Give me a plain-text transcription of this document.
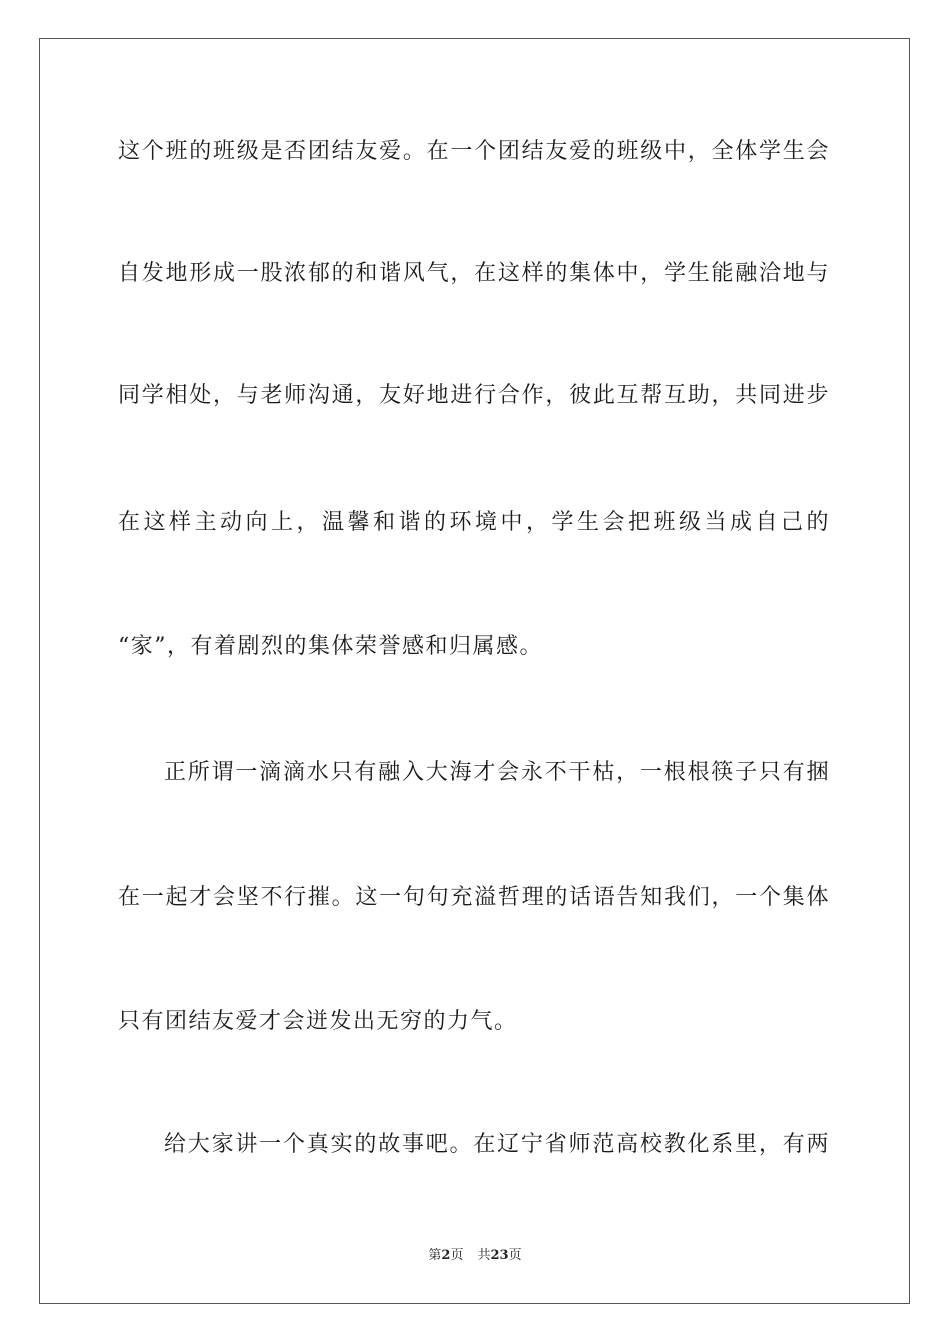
这个班的班级是否团结友爱。在一个团结友爱的班级中，全体学生会
自发地形成一股浓郁的和谐风气，在这样的集体中，学生能融洽地与
同学相处，与老师沟通，友好地进行合作，彼此互帮互助，共同进步
在这样主动向上，温馨和谐的环境中，学生会把班级当成自己的
“家”，有着剧烈的集体荣誉感和归属感。
正所谓一滴滴水只有融入大海才会永不干枯，一根根筷子只有捆
在一起才会坚不行摧。这一句句充溢哲理的话语告知我们，一个集体
只有团结友爱才会迸发出无穷的力气。
给大家讲一个真实的故事吧。在辽宁省师范高校教化系里，有两
第2页 共23页
